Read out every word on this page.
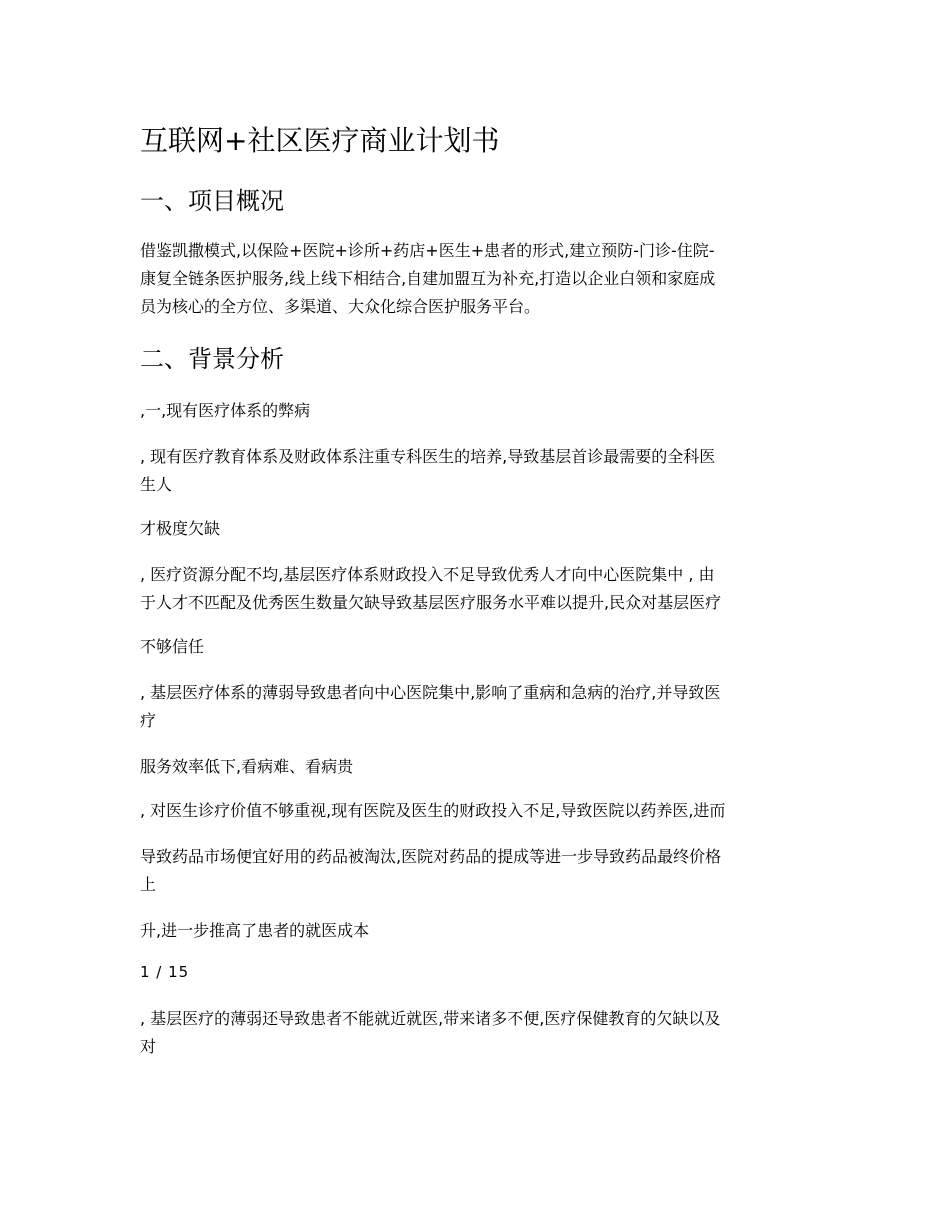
互联网+社区医疗商业计划书
一、项目概况

借鉴凯撒模式,以保险+医院+诊所+药店+医生+患者的形式,建立预防-门诊-住院-

康复全链条医护服务,线上线下相结合,自建加盟互为补充,打造以企业白领和家庭成

员为核心的全方位、多渠道、大众化综合医护服务平台。

二、背景分析

,一,现有医疗体系的弊病

, 现有医疗教育体系及财政体系注重专科医生的培养,导致基层首诊最需要的全科医

生人

才极度欠缺

, 医疗资源分配不均,基层医疗体系财政投入不足导致优秀人才向中心医院集中 , 由

于人才不匹配及优秀医生数量欠缺导致基层医疗服务水平难以提升,民众对基层医疗

不够信任

, 基层医疗体系的薄弱导致患者向中心医院集中,影响了重病和急病的治疗,并导致医

疗

服务效率低下,看病难、看病贵

, 对医生诊疗价值不够重视,现有医院及医生的财政投入不足,导致医院以药养医,进而

导致药品市场便宜好用的药品被淘汰,医院对药品的提成等进一步导致药品最终价格

上

升,进一步推高了患者的就医成本

1 / 15

, 基层医疗的薄弱还导致患者不能就近就医,带来诸多不便,医疗保健教育的欠缺以及

对
